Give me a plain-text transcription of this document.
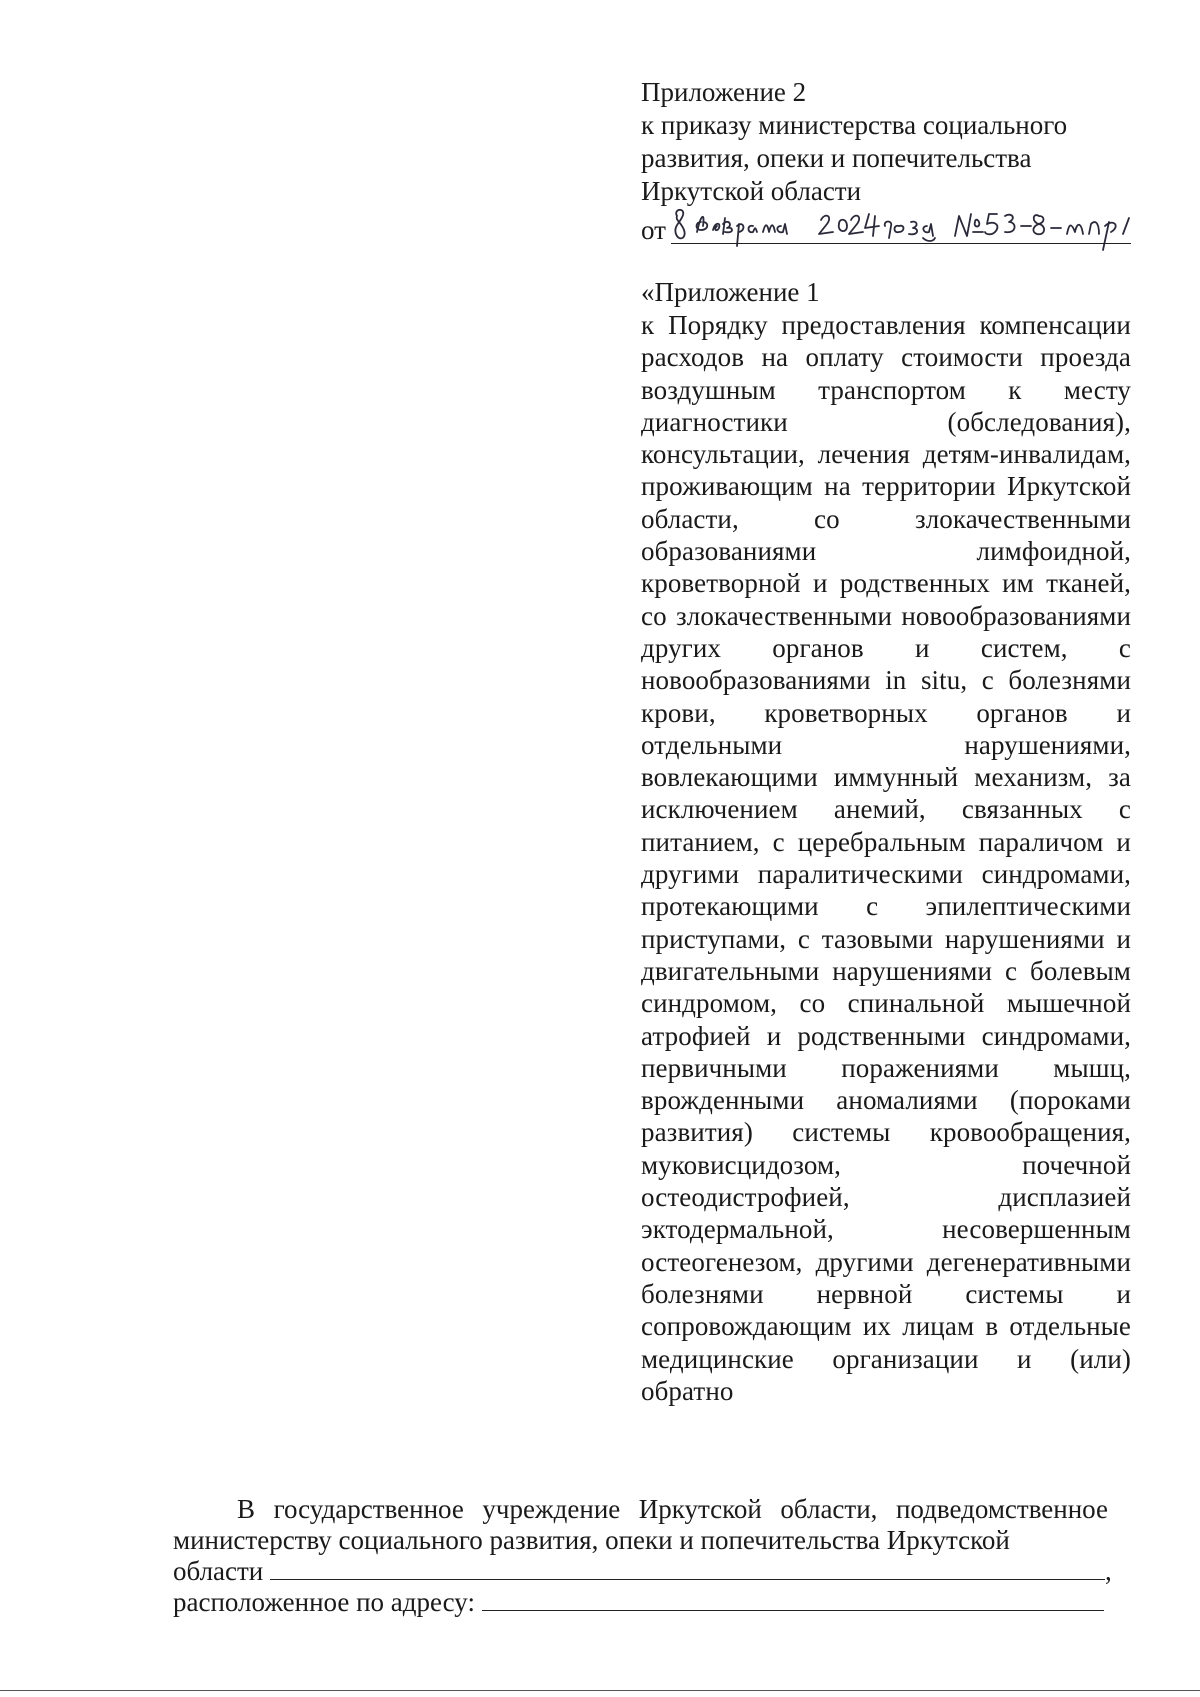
Приложение 2
к приказу министерства социального
развития, опеки и попечительства
Иркутской области
от
«Приложение 1
к Порядку предоставления компенсации расходов на оплату стоимости проезда воздушным транспортом к месту диагностики (обследования), консультации, лечения детям-инвалидам, проживающим на территории Иркутской области, со злокачественными образованиями лимфоидной, кроветворной и родственных им тканей, со злокачественными новообразованиями других органов и систем, с новообразованиями in situ, с болезнями крови, кроветворных органов и отдельными нарушениями, вовлекающими иммунный механизм, за исключением анемий, связанных с питанием, с церебральным параличом и другими паралитическими синдромами, протекающими с эпилептическими приступами, с тазовыми нарушениями и двигательными нарушениями с болевым синдромом, со спинальной мышечной атрофией и родственными синдромами, первичными поражениями мышц, врожденными аномалиями (пороками развития) системы кровообращения, муковисцидозом, почечной остеодистрофией, дисплазией эктодермальной, несовершенным остеогенезом, другими дегенеративными болезнями нервной системы и сопровождающим их лицам в отдельные медицинские организации и (или) обратно

В государственное учреждение Иркутской области, подведомственное министерству социального развития, опеки и попечительства Иркутской

области	,
расположенное по адресу:
